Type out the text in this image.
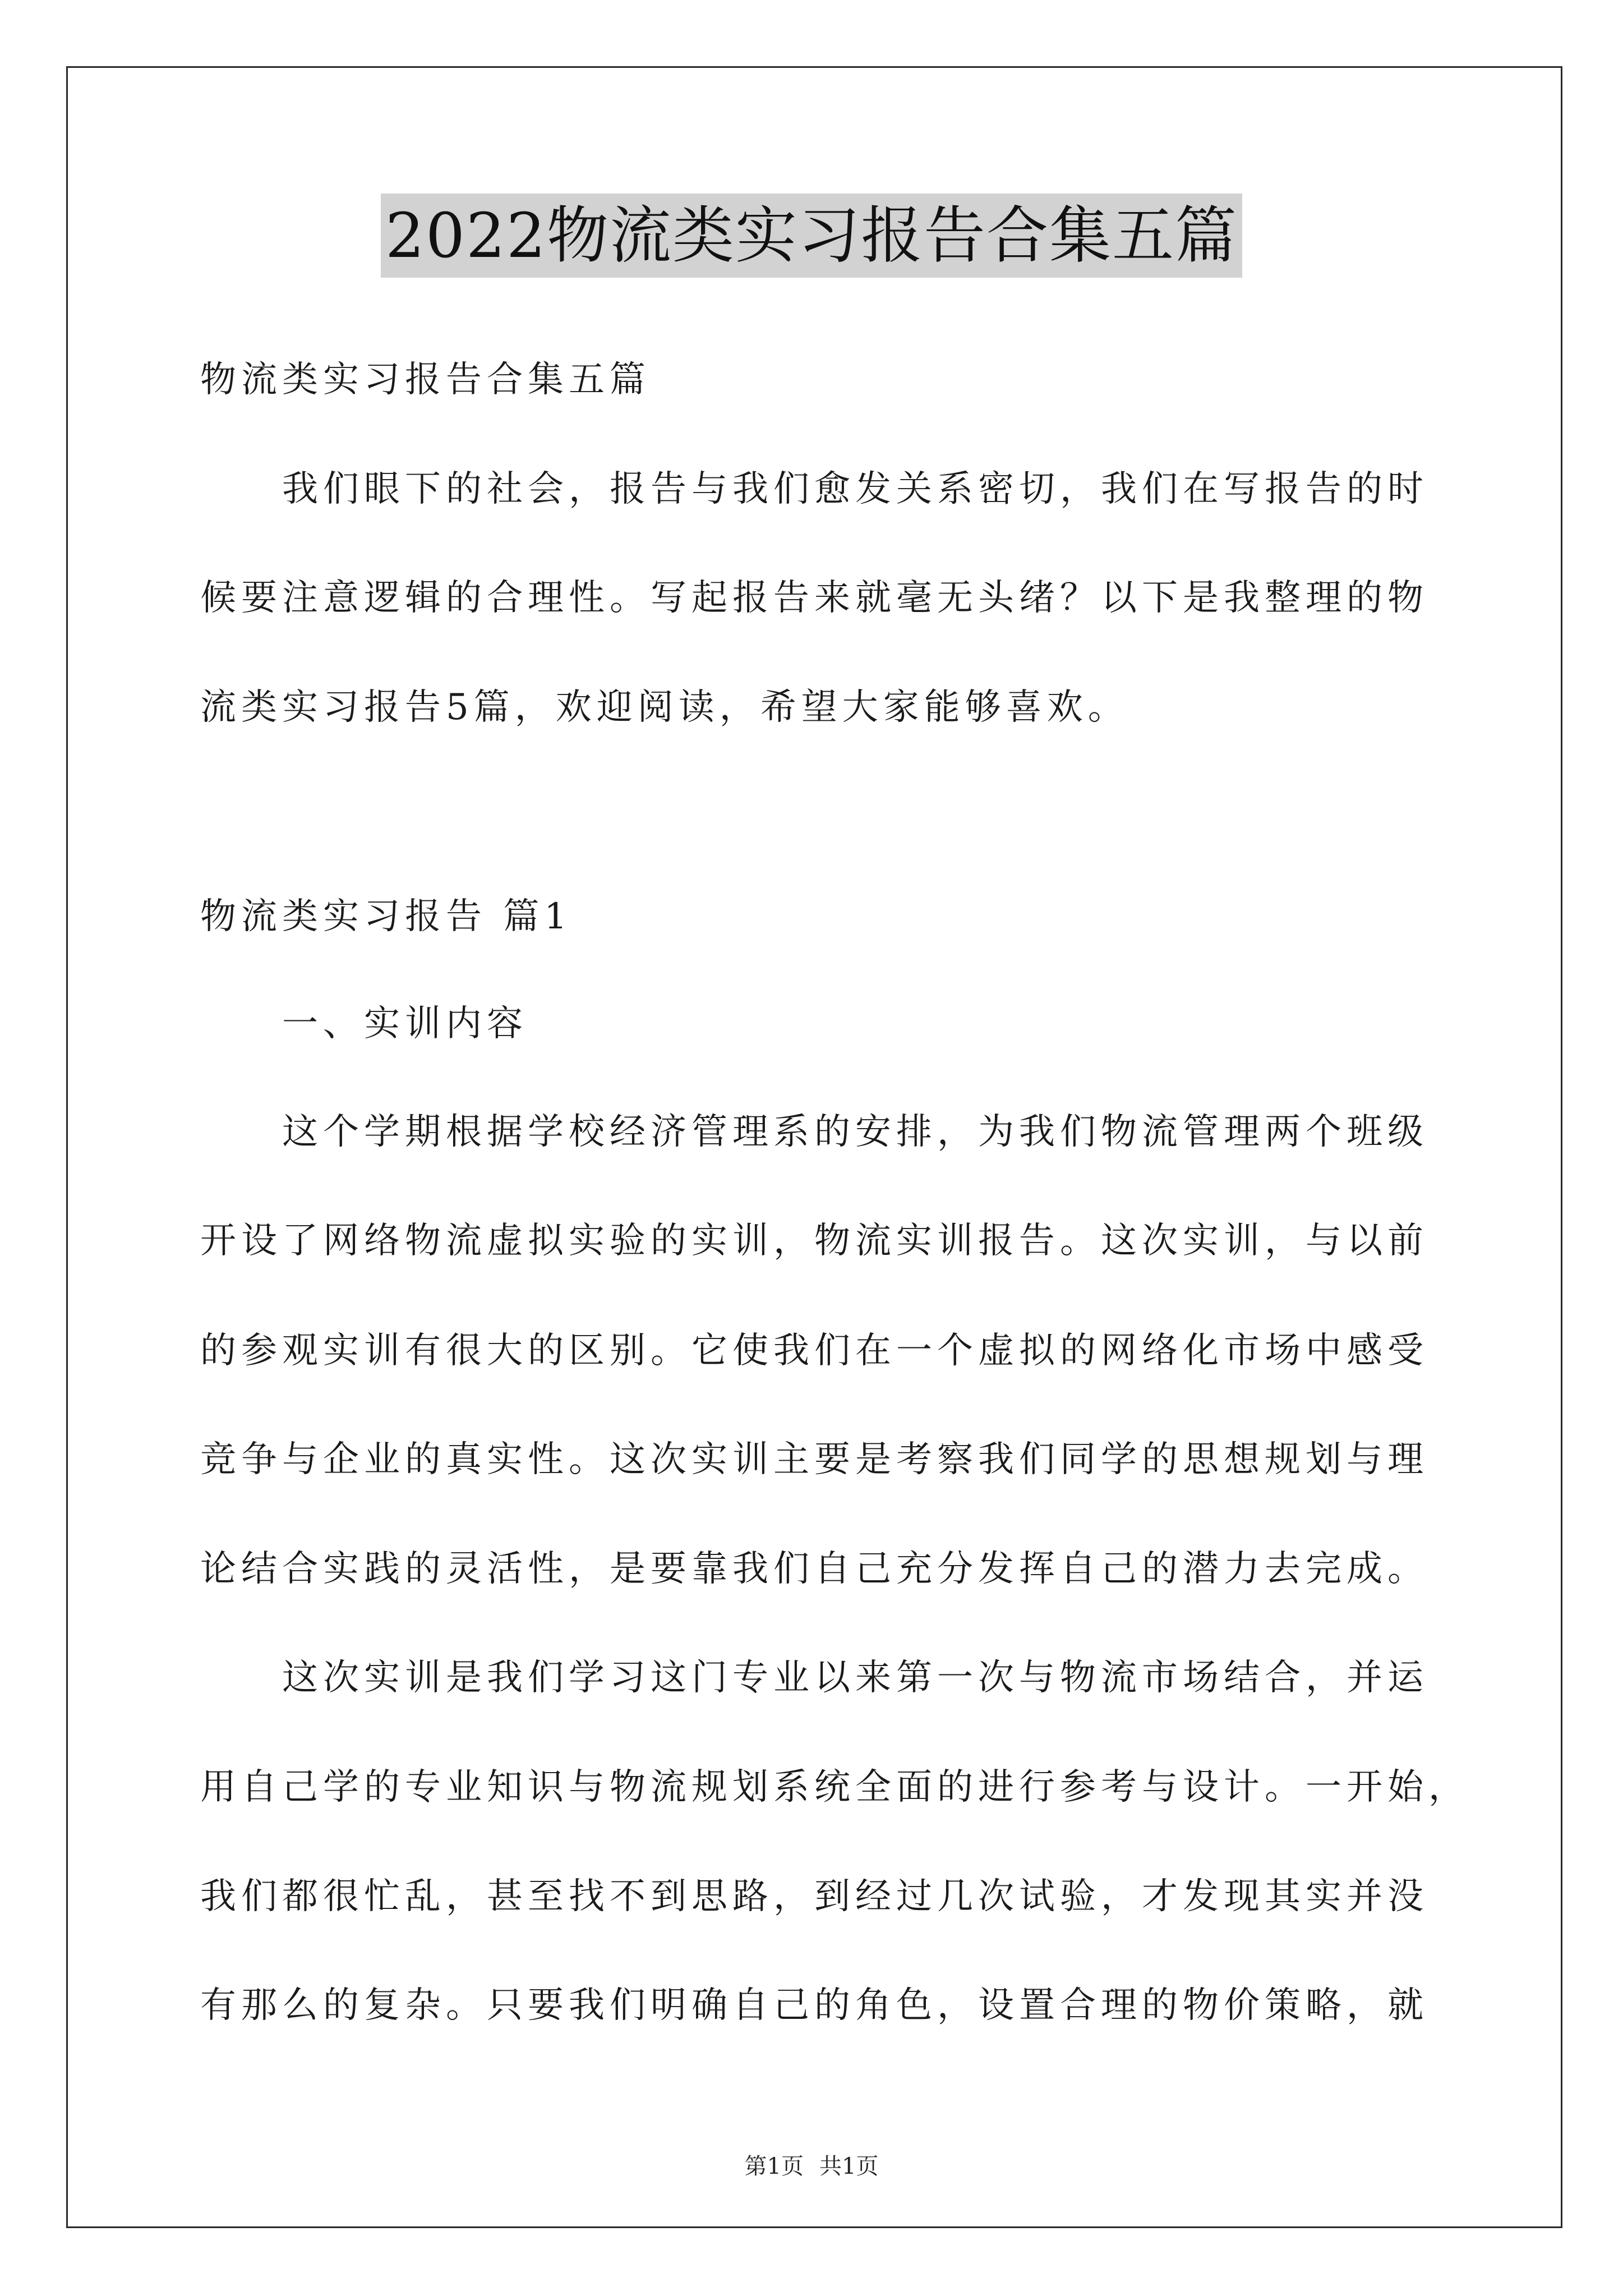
2022物流类实习报告合集五篇
物流类实习报告合集五篇
我们眼下的社会，报告与我们愈发关系密切，我们在写报告的时
候要注意逻辑的合理性。写起报告来就毫无头绪？以下是我整理的物
流类实习报告5篇，欢迎阅读，希望大家能够喜欢。
物流类实习报告 篇1
一、实训内容
这个学期根据学校经济管理系的安排，为我们物流管理两个班级
开设了网络物流虚拟实验的实训，物流实训报告。这次实训，与以前
的参观实训有很大的区别。它使我们在一个虚拟的网络化市场中感受
竞争与企业的真实性。这次实训主要是考察我们同学的思想规划与理
论结合实践的灵活性，是要靠我们自己充分发挥自己的潜力去完成。
这次实训是我们学习这门专业以来第一次与物流市场结合，并运
用自己学的专业知识与物流规划系统全面的进行参考与设计。一开始，
我们都很忙乱，甚至找不到思路，到经过几次试验，才发现其实并没
有那么的复杂。只要我们明确自己的角色，设置合理的物价策略，就
第1页 共1页
